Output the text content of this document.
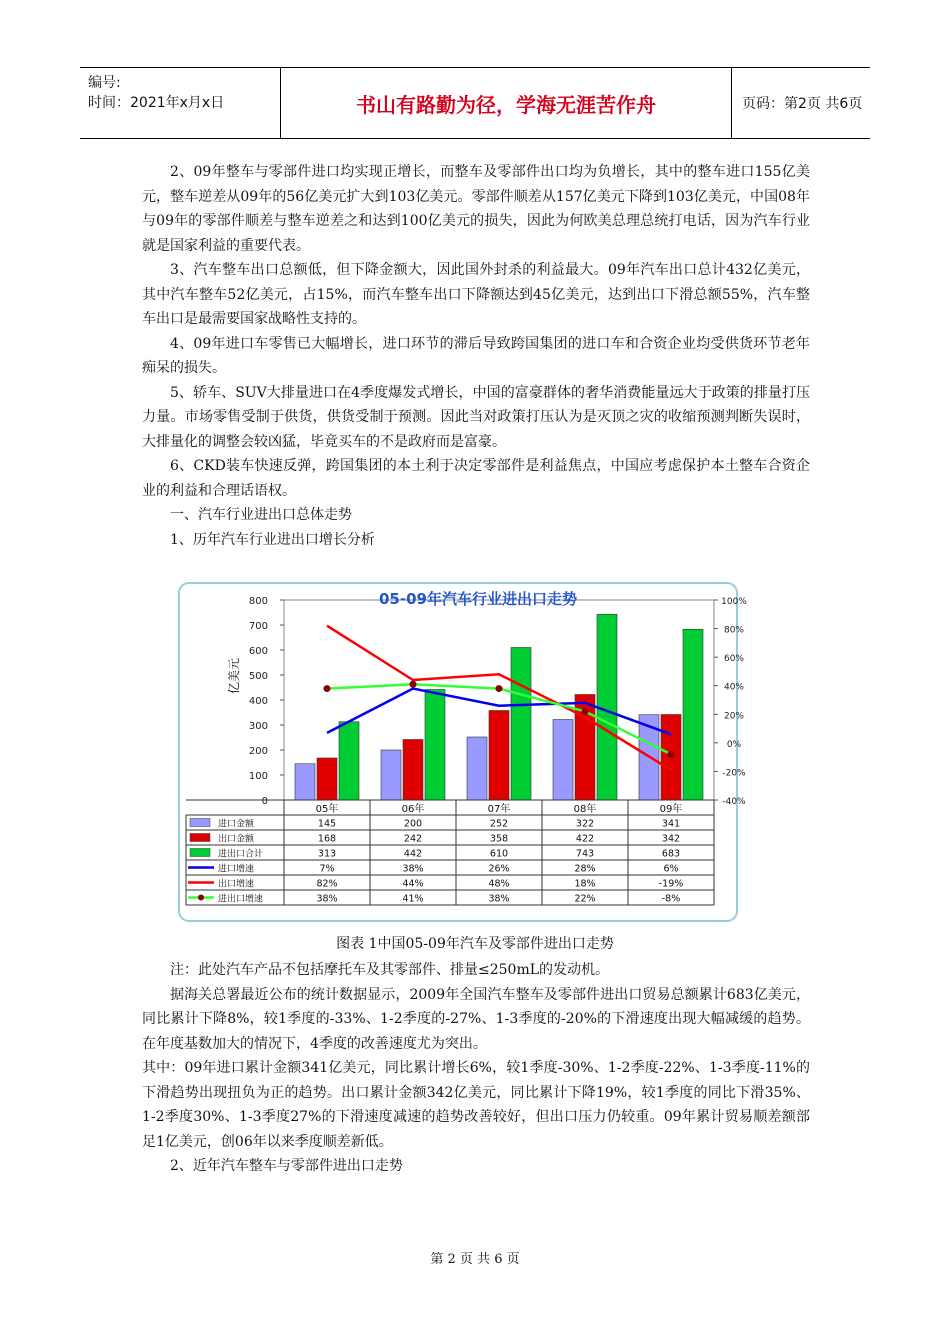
编号:
时间：2021年x月x日	书山有路勤为径，学海无涯苦作舟	页码：第2页 共6页

2、09年整车与零部件进口均实现正增长，而整车及零部件出口均为负增长，其中的整车进口155亿美元，整车逆差从09年的56亿美元扩大到103亿美元。零部件顺差从157亿美元下降到103亿美元，中国08年与09年的零部件顺差与整车逆差之和达到100亿美元的损失，因此为何欧美总理总统打电话，因为汽车行业就是国家利益的重要代表。

3、汽车整车出口总额低，但下降金额大，因此国外封杀的利益最大。09年汽车出口总计432亿美元，其中汽车整车52亿美元，占15%，而汽车整车出口下降额达到45亿美元，达到出口下滑总额55%，汽车整车出口是最需要国家战略性支持的。

4、09年进口车零售已大幅增长，进口环节的滞后导致跨国集团的进口车和合资企业均受供货环节老年痴呆的损失。

5、轿车、SUV大排量进口在4季度爆发式增长，中国的富豪群体的奢华消费能量远大于政策的排量打压力量。市场零售受制于供货，供货受制于预测。因此当对政策打压认为是灭顶之灾的收缩预测判断失误时，大排量化的调整会较凶猛，毕竟买车的不是政府而是富豪。

6、CKD装车快速反弹，跨国集团的本土利于决定零部件是利益焦点，中国应考虑保护本土整车合资企业的利益和合理话语权。

一、汽车行业进出口总体走势

1、历年汽车行业进出口增长分析

800
700
600
500
400
300
200
100
0
100%
80%
60%
40%
20%
0%
-20%
-40%
亿美元
05-09年汽车行业进出口走势
05年	06年	07年	08年	09年
进口金额	145	200	252	322	341
出口金额	168	242	358	422	342
进出口合计	313	442	610	743	683
进口增速	7%	38%	26%	28%	6%
出口增速	82%	44%	48%	18%	-19%
进出口增速	38%	41%	38%	22%	-8%
图表 1中国05-09年汽车及零部件进出口走势

注：此处汽车产品不包括摩托车及其零部件、排量≤250mL的发动机。

据海关总署最近公布的统计数据显示，2009年全国汽车整车及零部件进出口贸易总额累计683亿美元，同比累计下降8%，较1季度的-33%、1-2季度的-27%、1-3季度的-20%的下滑速度出现大幅减缓的趋势。在年度基数加大的情况下，4季度的改善速度尤为突出。

其中：09年进口累计金额341亿美元，同比累计增长6%，较1季度-30%、1-2季度-22%、1-3季度-11%的下滑趋势出现扭负为正的趋势。出口累计金额342亿美元，同比累计下降19%，较1季度的同比下滑35%、1-2季度30%、1-3季度27%的下滑速度减速的趋势改善较好，但出口压力仍较重。09年累计贸易顺差额部足1亿美元，创06年以来季度顺差新低。

2、近年汽车整车与零部件进出口走势

第 2 页 共 6 页
